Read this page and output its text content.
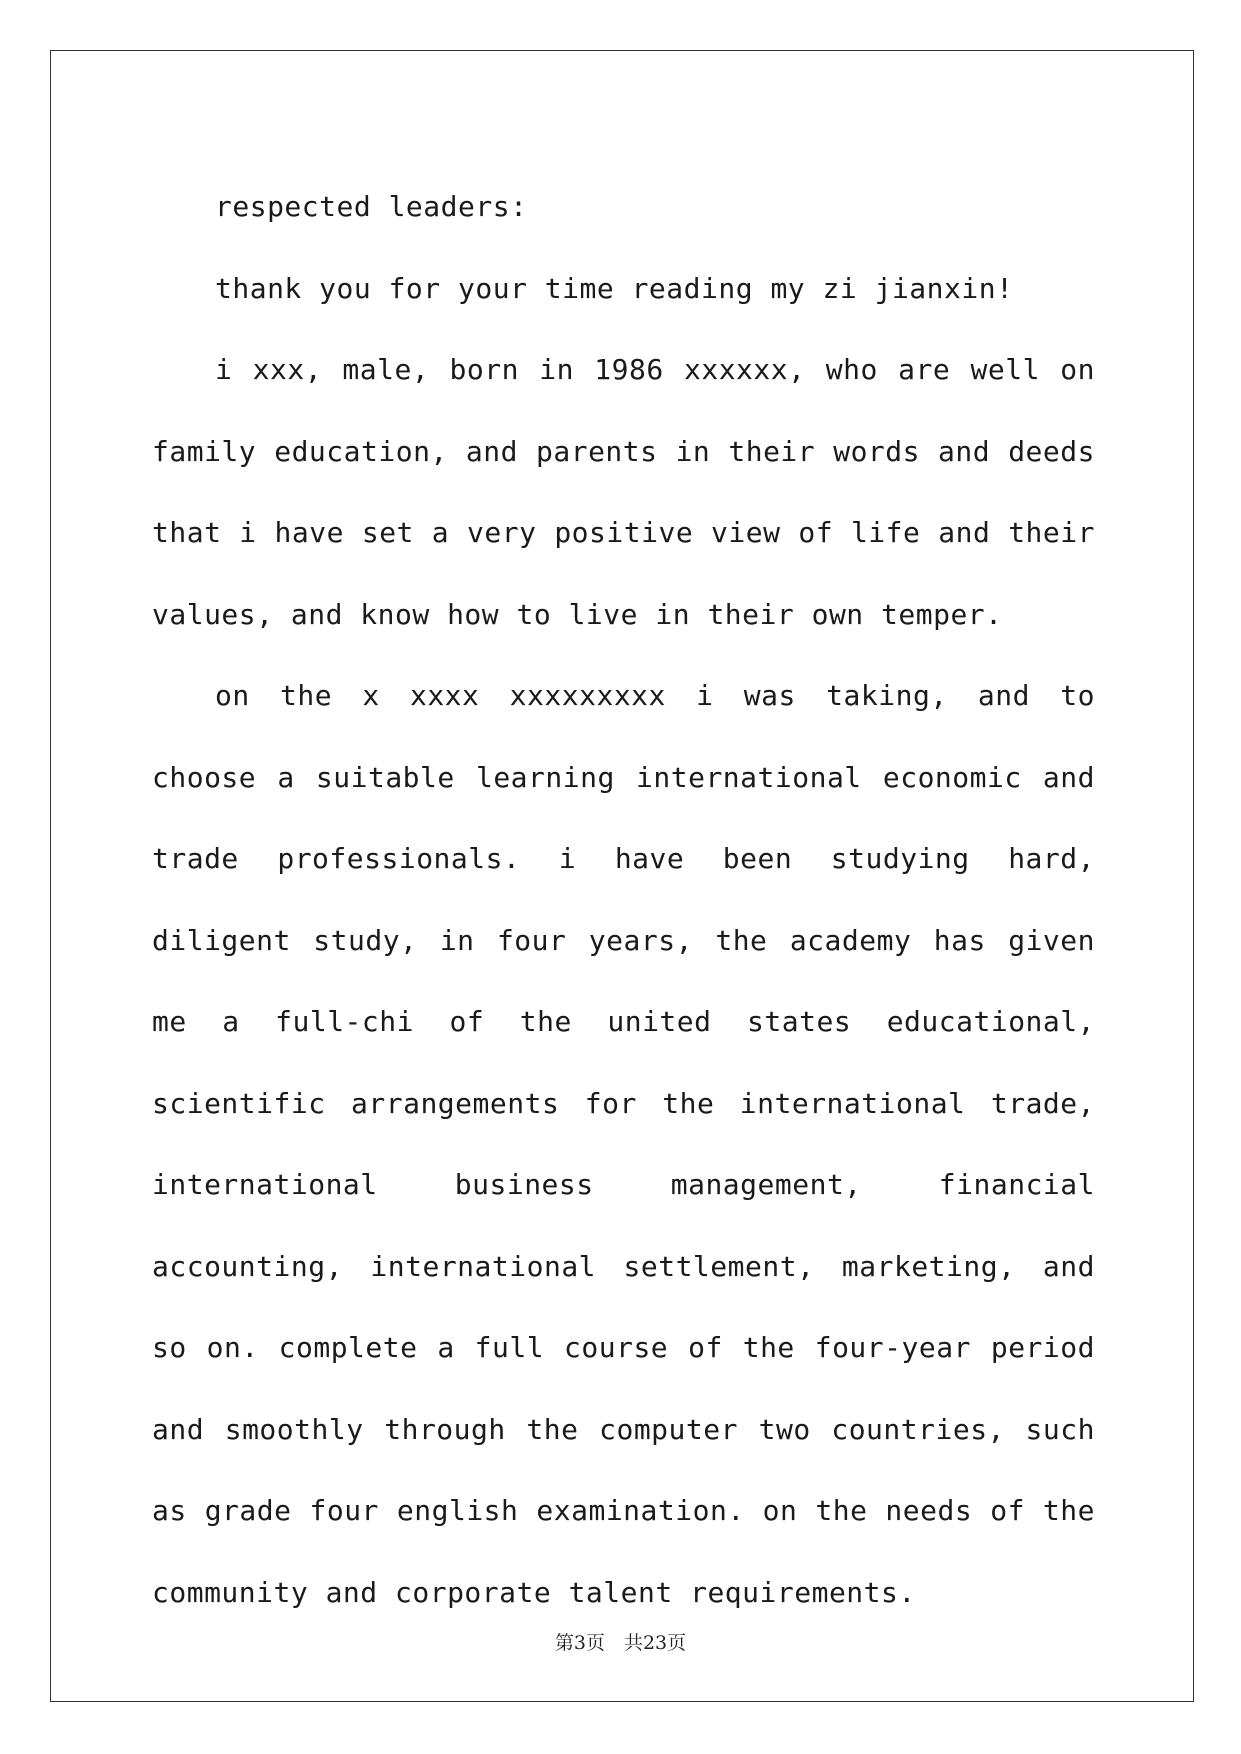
respected leaders:

thank you for your time reading my zi jianxin!

i xxx, male, born in 1986 xxxxxx, who are well on family education, and parents in their words and deeds that i have set a very positive view of life and their values, and know how to live in their own temper.

on the x xxxx xxxxxxxxx i was taking, and to choose a suitable learning international economic and trade professionals. i have been studying hard, diligent study, in four years, the academy has given me a full-chi of the united states educational, scientific arrangements for the international trade, international business management, financial accounting, international settlement, marketing, and so on. complete a full course of the four-year period and smoothly through the computer two countries, such as grade four english examination. on the needs of the community and corporate talent requirements.

第3页　共23页
